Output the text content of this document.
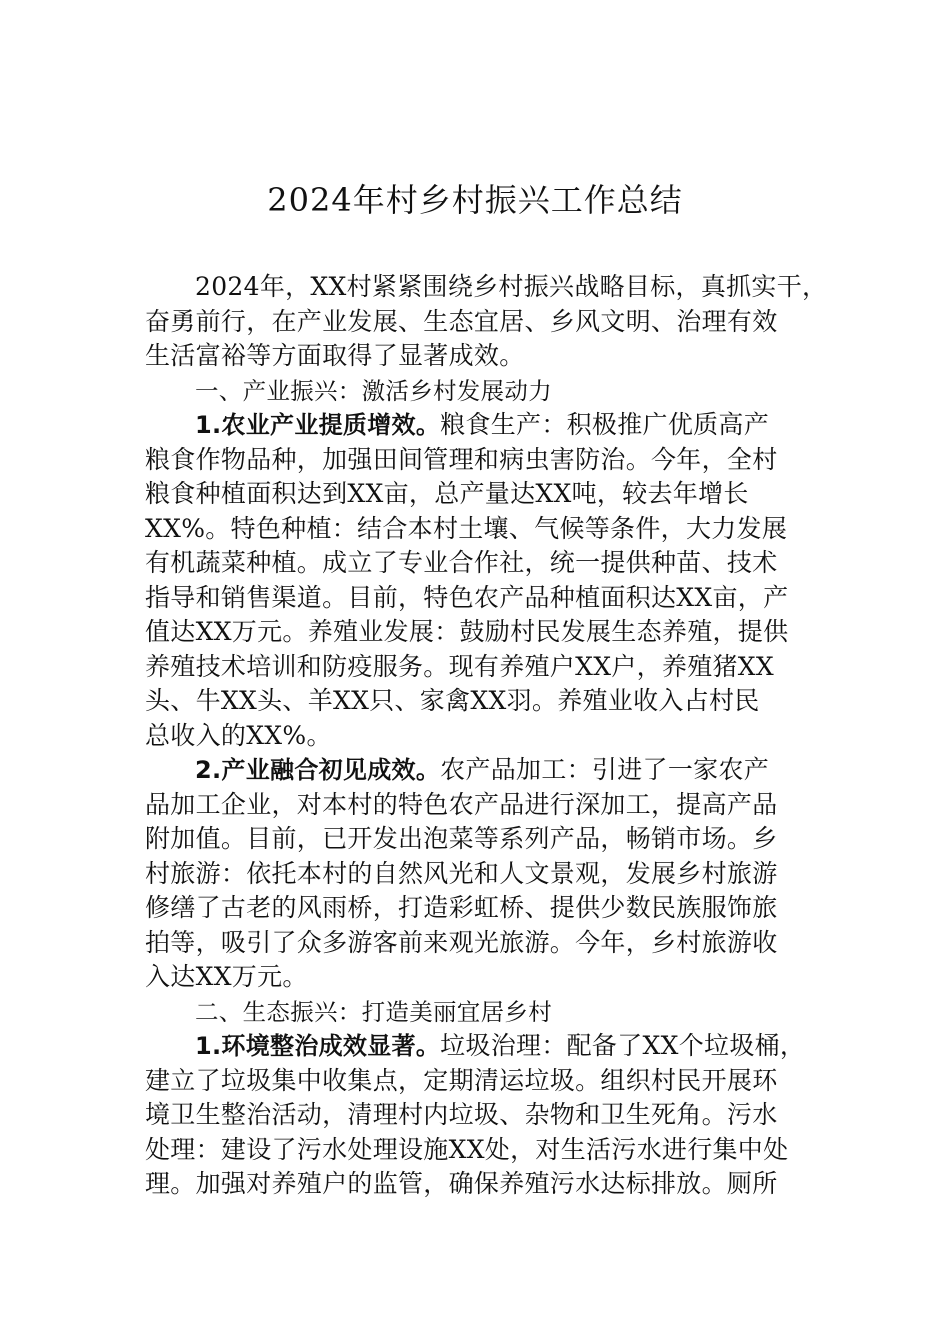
2024年村乡村振兴工作总结
2024年，XX村紧紧围绕乡村振兴战略目标，真抓实干，
奋勇前行，在产业发展、生态宜居、乡风文明、治理有效
生活富裕等方面取得了显著成效。
一、产业振兴：激活乡村发展动力
1.农业产业提质增效。粮食生产：积极推广优质高产
粮食作物品种，加强田间管理和病虫害防治。今年，全村
粮食种植面积达到XX亩，总产量达XX吨，较去年增长
XX%。特色种植：结合本村土壤、气候等条件，大力发展
有机蔬菜种植。成立了专业合作社，统一提供种苗、技术
指导和销售渠道。目前，特色农产品种植面积达XX亩，产
值达XX万元。养殖业发展：鼓励村民发展生态养殖，提供
养殖技术培训和防疫服务。现有养殖户XX户，养殖猪XX
头、牛XX头、羊XX只、家禽XX羽。养殖业收入占村民
总收入的XX%。
2.产业融合初见成效。农产品加工：引进了一家农产
品加工企业，对本村的特色农产品进行深加工，提高产品
附加值。目前，已开发出泡菜等系列产品，畅销市场。乡
村旅游：依托本村的自然风光和人文景观，发展乡村旅游
修缮了古老的风雨桥，打造彩虹桥、提供少数民族服饰旅
拍等，吸引了众多游客前来观光旅游。今年，乡村旅游收
入达XX万元。
二、生态振兴：打造美丽宜居乡村
1.环境整治成效显著。垃圾治理：配备了XX个垃圾桶，
建立了垃圾集中收集点，定期清运垃圾。组织村民开展环
境卫生整治活动，清理村内垃圾、杂物和卫生死角。污水
处理：建设了污水处理设施XX处，对生活污水进行集中处
理。加强对养殖户的监管，确保养殖污水达标排放。厕所
